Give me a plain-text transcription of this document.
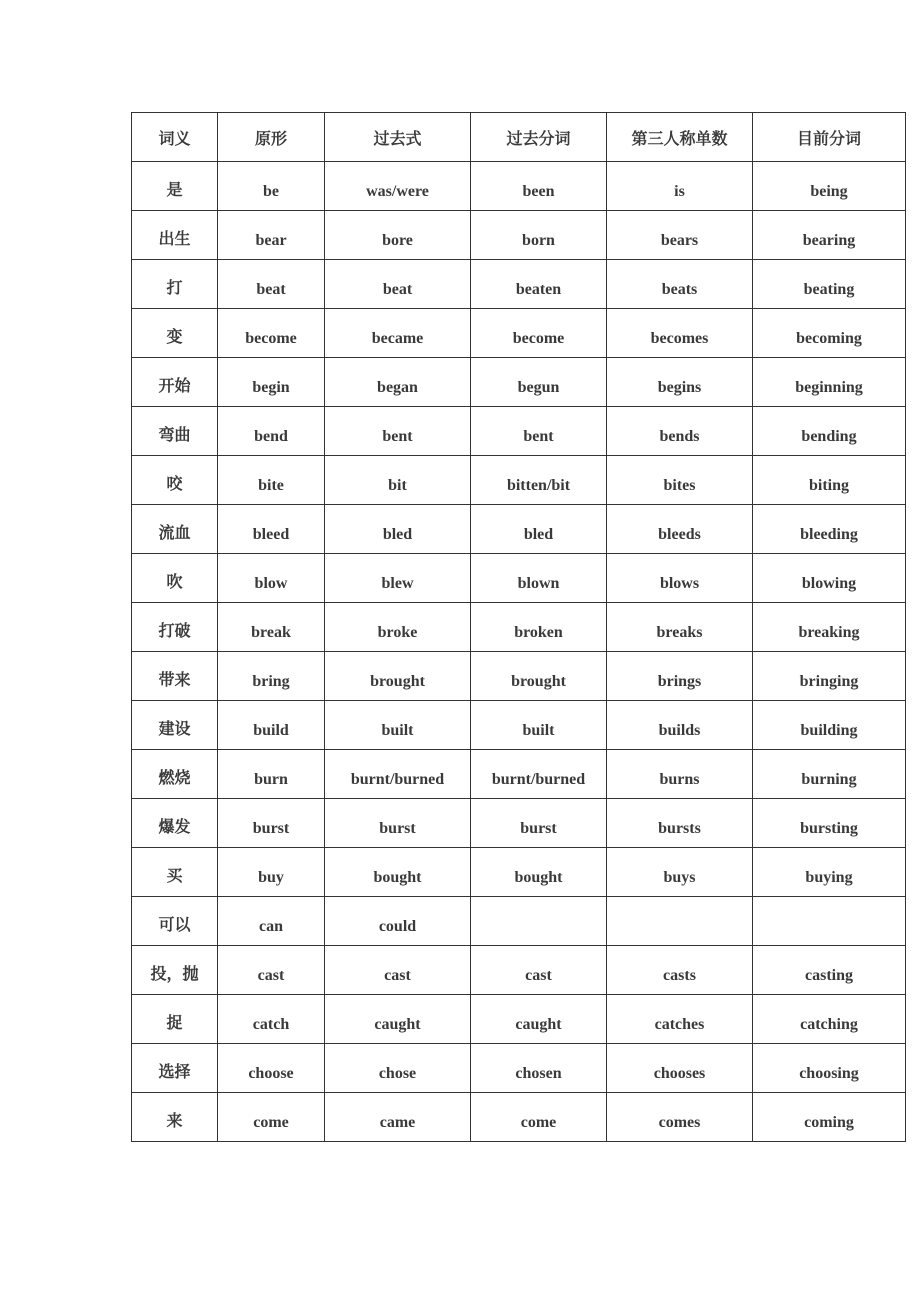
词义	原形	过去式	过去分词	第三人称单数	目前分词
是	be	was/were	been	is	being
出生	bear	bore	born	bears	bearing
打	beat	beat	beaten	beats	beating
变	become	became	become	becomes	becoming
开始	begin	began	begun	begins	beginning
弯曲	bend	bent	bent	bends	bending
咬	bite	bit	bitten/bit	bites	biting
流血	bleed	bled	bled	bleeds	bleeding
吹	blow	blew	blown	blows	blowing
打破	break	broke	broken	breaks	breaking
带来	bring	brought	brought	brings	bringing
建设	build	built	built	builds	building
燃烧	burn	burnt/burned	burnt/burned	burns	burning
爆发	burst	burst	burst	bursts	bursting
买	buy	bought	bought	buys	buying
可以	can	could			
投，抛	cast	cast	cast	casts	casting
捉	catch	caught	caught	catches	catching
选择	choose	chose	chosen	chooses	choosing
来	come	came	come	comes	coming
